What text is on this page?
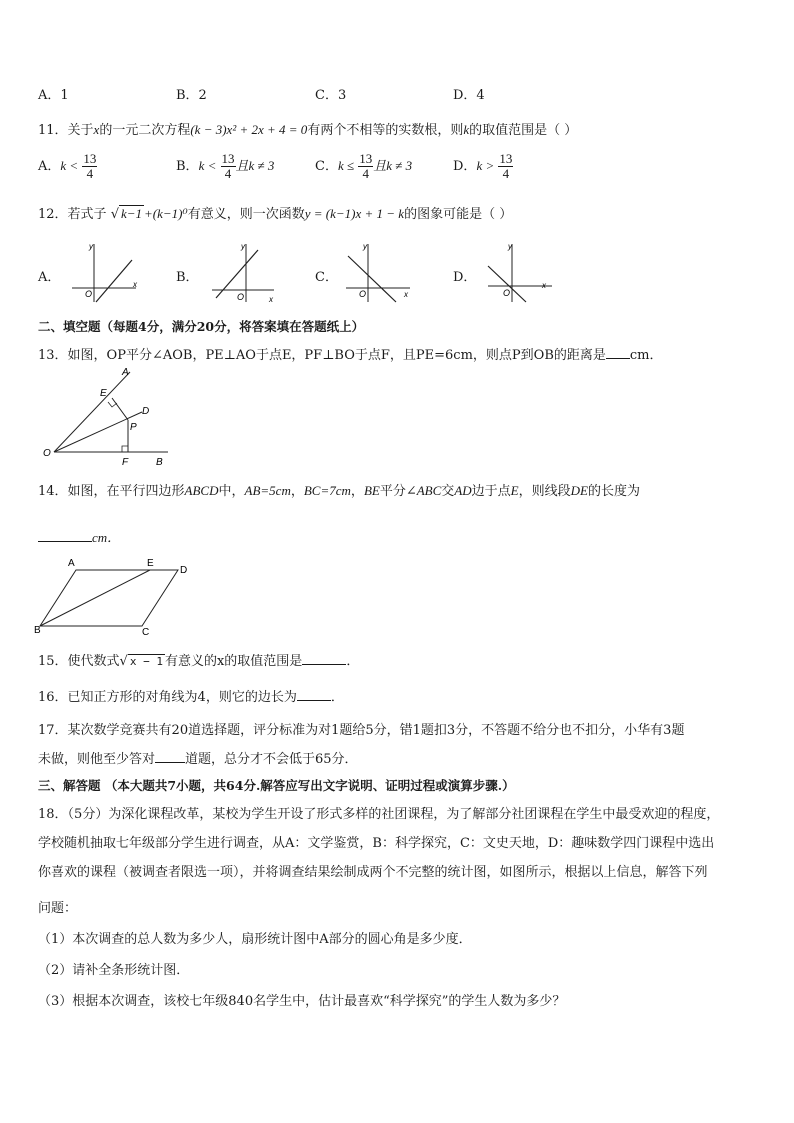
A．1	B．2	C．3	D．4
11．关于x的一元二次方程(k − 3)x² + 2x + 4 = 0有两个不相等的实数根，则k的取值范围是（ ）
A．$k < \frac{13}{4}$	B．$k < \frac{13}{4}$ 且k ≠ 3	C．$k \le \frac{13}{4}$ 且k ≠ 3	D．$k > \frac{13}{4}$
12．若式子 √ k−1 +(k−1)⁰有意义，则一次函数y = (k−1)x + 1 − k的图象可能是（ ）
A．	B．	C．	D．
y
x
O
y
x
O
y
x
O
y
x
O
二、填空题（每题4分，满分20分，将答案填在答题纸上）
13．如图，OP平分∠AOB，PE⊥AO于点E，PF⊥BO于点F，且PE=6cm，则点P到OB的距离是 cm．
A
E
D
P
O
F	B
14．如图，在平行四边形ABCD中，AB=5cm，BC=7cm，BE平分∠ABC交AD边于点E，则线段DE的长度为
cm．
A	E
D
B	C
15．使代数式√ x − 1 有意义的x的取值范围是	．
16．已知正方形的对角线为4，则它的边长为	．
17．某次数学竞赛共有20道选择题，评分标准为对1题给5分，错1题扣3分，不答题不给分也不扣分，小华有3题
未做，则他至少答对 道题，总分才不会低于65分．
三、解答题 （本大题共7小题，共64分.解答应写出文字说明、证明过程或演算步骤.）
18．（5分）为深化课程改革，某校为学生开设了形式多样的社团课程，为了解部分社团课程在学生中最受欢迎的程度，
学校随机抽取七年级部分学生进行调查，从A：文学鉴赏，B：科学探究，C：文史天地，D：趣味数学四门课程中选出
你喜欢的课程（被调查者限选一项），并将调查结果绘制成两个不完整的统计图，如图所示，根据以上信息，解答下列
问题：
（1）本次调查的总人数为多少人，扇形统计图中A部分的圆心角是多少度．
（2）请补全条形统计图．
（3）根据本次调查，该校七年级840名学生中，估计最喜欢“科学探究”的学生人数为多少？
